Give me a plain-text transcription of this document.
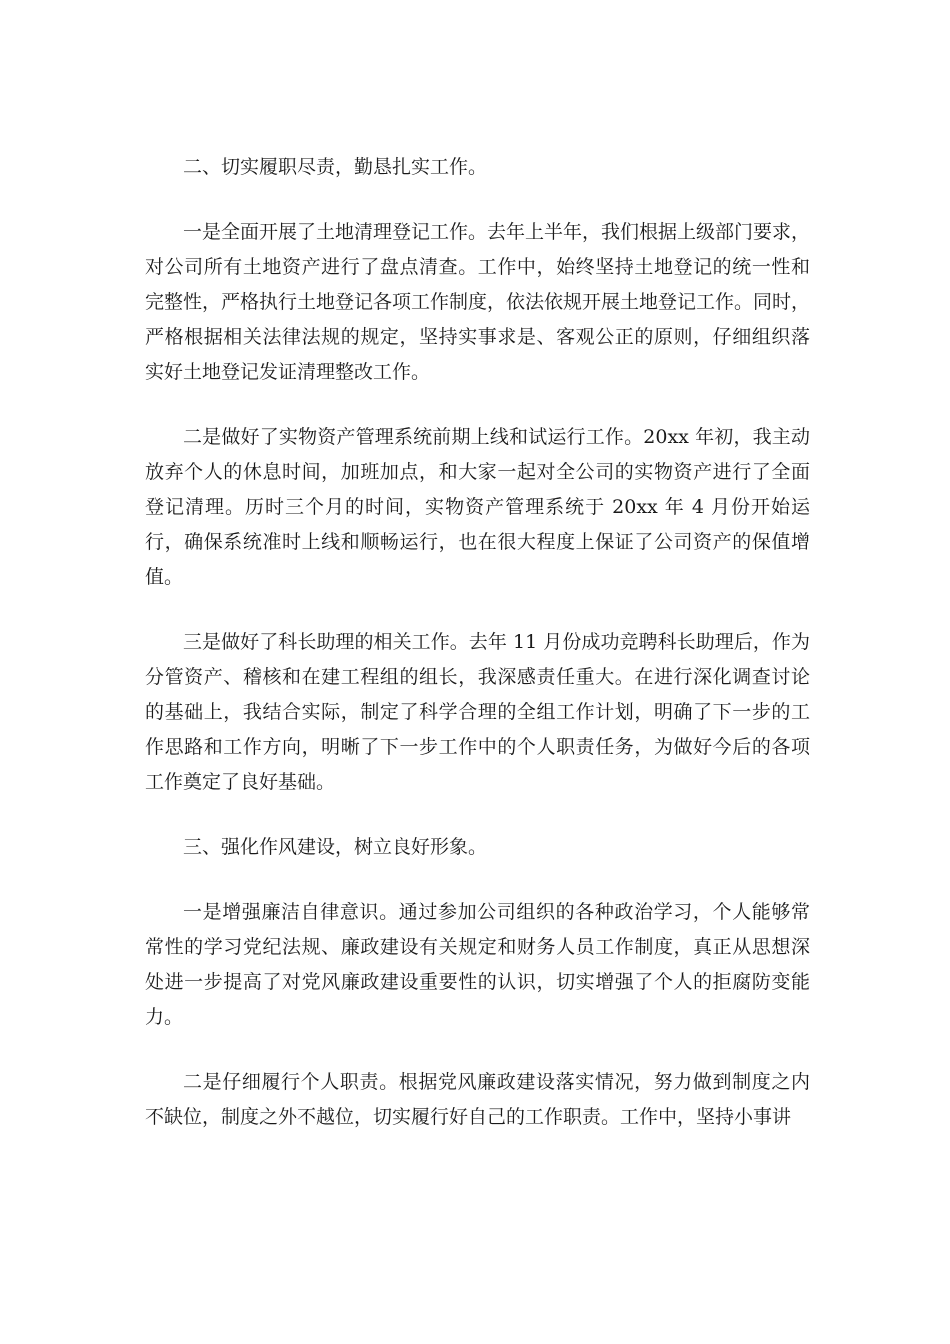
二、切实履职尽责，勤恳扎实工作。

一是全面开展了土地清理登记工作。去年上半年，我们根据上级部门要求，对公司所有土地资产进行了盘点清查。工作中，始终坚持土地登记的统一性和完整性，严格执行土地登记各项工作制度，依法依规开展土地登记工作。同时，严格根据相关法律法规的规定，坚持实事求是、客观公正的原则，仔细组织落实好土地登记发证清理整改工作。

二是做好了实物资产管理系统前期上线和试运行工作。20xx 年初，我主动放弃个人的休息时间，加班加点，和大家一起对全公司的实物资产进行了全面登记清理。历时三个月的时间，实物资产管理系统于 20xx 年 4 月份开始运行，确保系统准时上线和顺畅运行，也在很大程度上保证了公司资产的保值增值。

三是做好了科长助理的相关工作。去年 11 月份成功竞聘科长助理后，作为分管资产、稽核和在建工程组的组长，我深感责任重大。在进行深化调查讨论的基础上，我结合实际，制定了科学合理的全组工作计划，明确了下一步的工作思路和工作方向，明晰了下一步工作中的个人职责任务，为做好今后的各项工作奠定了良好基础。

三、强化作风建设，树立良好形象。

一是增强廉洁自律意识。通过参加公司组织的各种政治学习，个人能够常常性的学习党纪法规、廉政建设有关规定和财务人员工作制度，真正从思想深处进一步提高了对党风廉政建设重要性的认识，切实增强了个人的拒腐防变能力。

二是仔细履行个人职责。根据党风廉政建设落实情况，努力做到制度之内不缺位，制度之外不越位，切实履行好自己的工作职责。工作中，坚持小事讲
